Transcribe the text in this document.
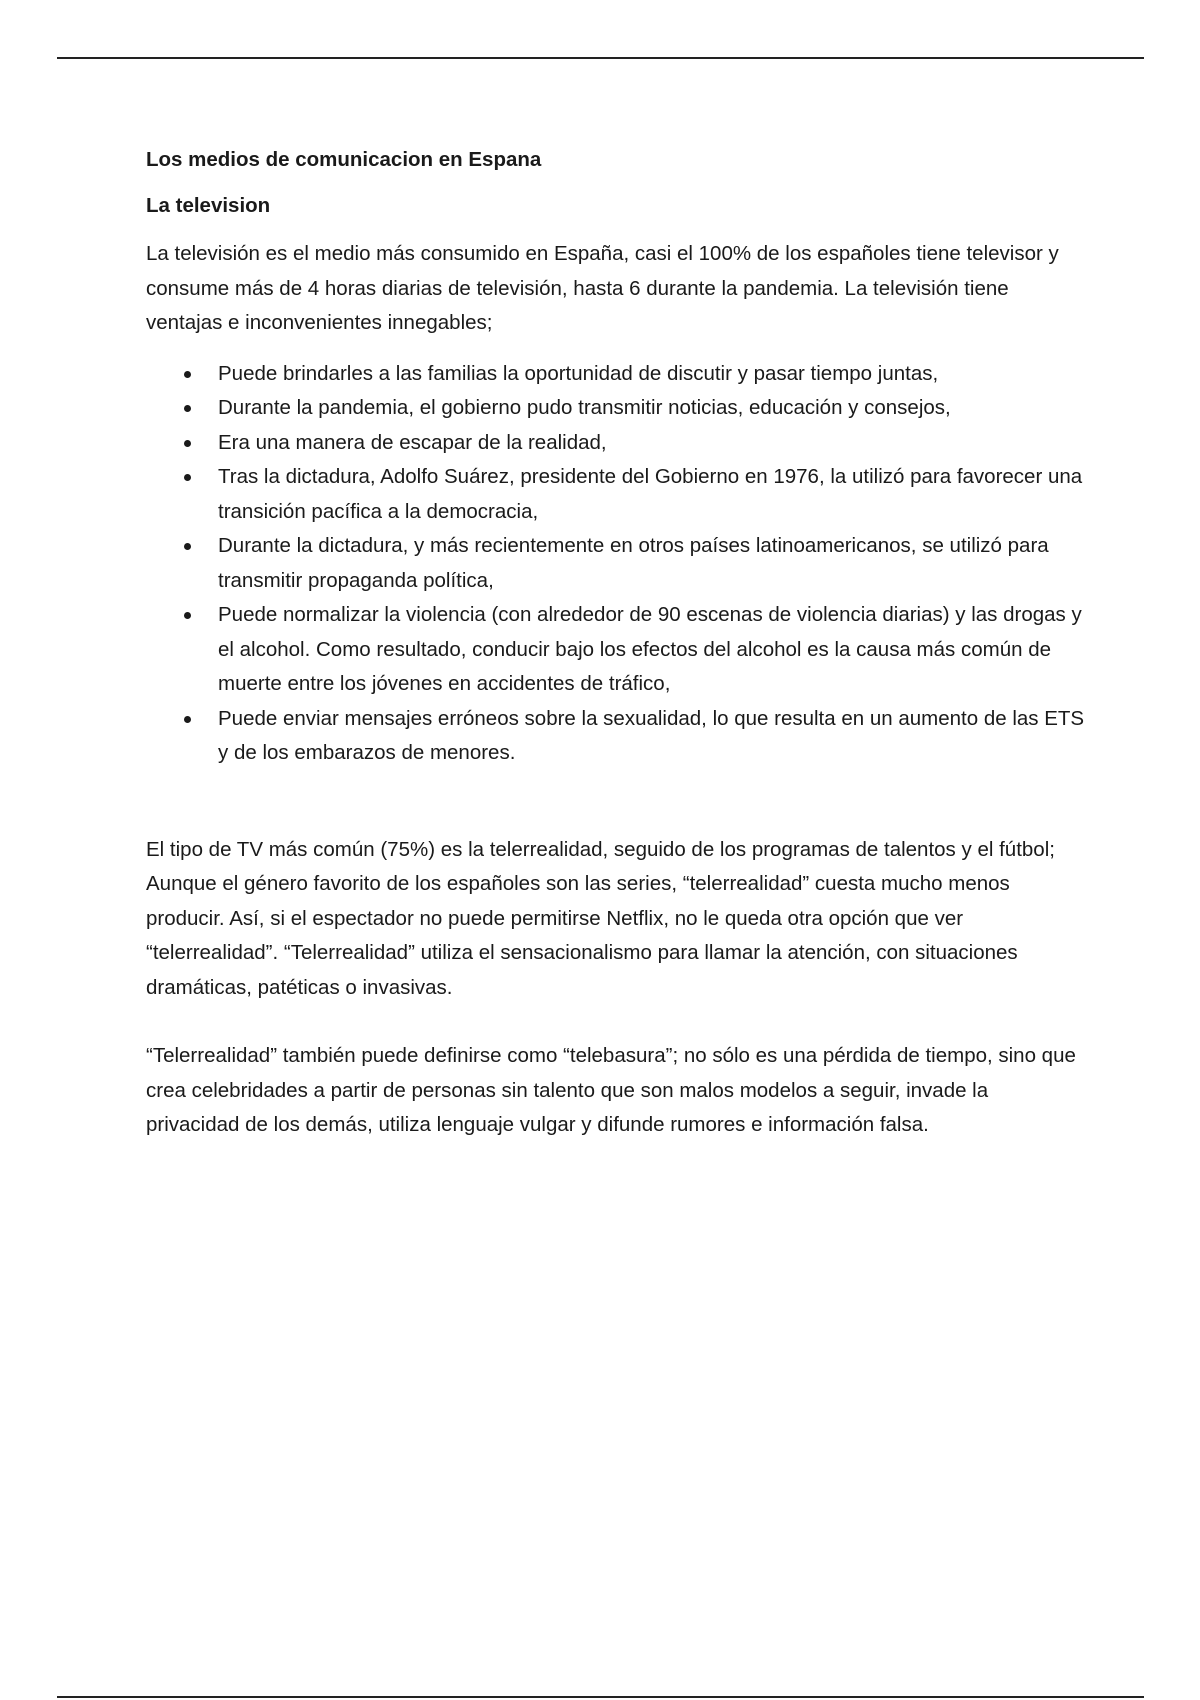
Los medios de comunicacion en Espana
La television

La televisión es el medio más consumido en España, casi el 100% de los españoles tiene televisor y consume más de 4 horas diarias de televisión, hasta 6 durante la pandemia. La televisión tiene ventajas e inconvenientes innegables;

Puede brindarles a las familias la oportunidad de discutir y pasar tiempo juntas,
Durante la pandemia, el gobierno pudo transmitir noticias, educación y consejos,
Era una manera de escapar de la realidad,
Tras la dictadura, Adolfo Suárez, presidente del Gobierno en 1976, la utilizó para favorecer una transición pacífica a la democracia,
Durante la dictadura, y más recientemente en otros países latinoamericanos, se utilizó para transmitir propaganda política,
Puede normalizar la violencia (con alrededor de 90 escenas de violencia diarias) y las drogas y el alcohol. Como resultado, conducir bajo los efectos del alcohol es la causa más común de muerte entre los jóvenes en accidentes de tráfico,
Puede enviar mensajes erróneos sobre la sexualidad, lo que resulta en un aumento de las ETS y de los embarazos de menores.

El tipo de TV más común (75%) es la telerrealidad, seguido de los programas de talentos y el fútbol; Aunque el género favorito de los españoles son las series, “telerrealidad” cuesta mucho menos producir. Así, si el espectador no puede permitirse Netflix, no le queda otra opción que ver “telerrealidad”. “Telerrealidad” utiliza el sensacionalismo para llamar la atención, con situaciones dramáticas, patéticas o invasivas.

“Telerrealidad” también puede definirse como “telebasura”; no sólo es una pérdida de tiempo, sino que crea celebridades a partir de personas sin talento que son malos modelos a seguir, invade la privacidad de los demás, utiliza lenguaje vulgar y difunde rumores e información falsa.
